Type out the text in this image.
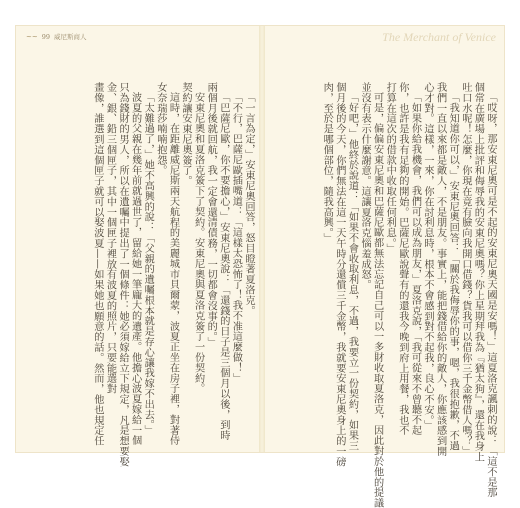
~~ 99 威尼斯商人	The Merchant of Venice
「哎呀，那安東尼奧可是不起的安東尼奧天國是安嗎！」這夏洛克諷刺的說：「這不是那
個常在廣場上批評和侮辱我的安東尼奧嗎？你上星期拜我為『猶太狗』，還在我身上
吐口水呢！怎麼，你現在竟有臉向我開口借錢？貨我可以借你三千金幣借人嗎？」
「我知道你可以，」安東尼奧回答：「關於我侮辱你的事，嗯，我很抱歉，不過
我們一直以來都是敵人，不是朋友。事實上，能把錢借給你的敵人，你應該感到開
心才對。這樣，一來，你在討利息時，根本不會感到對不起我，良心不安。」
「如果你給我機會，我們可以成為朋友，」夏洛克說，「我可從來不曾聽不起
你，也許是我有足夠的開始。巴薩尼歐說聲有的還我今晚到府上用餐，我也不
打算在這次的借款中收取任何利息。」
可是，偏偏安東尼奧和巴薩尼歐都無法忘記自己可以一多財收取夏洛克，因此對於他的提議
並沒有表示什麼謝意。這讓夏洛克惱羞成怒。
「好吧，」他終於說道：「如果不會收取利息，不過，我要立一份契約，如果三
個月後的今天，你們無法在這一天午時分還償三千金幣，我就要安東尼奧身上的一磅
肉，至於是哪個部位，隨我高興。」
「一言為定，」安東尼奧回答，怒目瞪著夏洛克。
「不行，巴薩尼歐插嘴道：「這樣太恐怖了！我不准這麼做！」
「巴薩尼歐，你不要擔心，」安東尼奧說：「還錢的日子是三個月以後，到時
兩個月後就回航，我一定會還清債務，一切都會沒事的。」
安東尼奧和夏洛克簽下了契約。安東尼奧與夏洛克簽了一份契約。
契約讓安東尼奧簽了。
這時，在距離威尼斯兩天航程的美麗城市貝爾蒙，波夏正坐在房子裡，對著侍
女奈瑞莎喃喃抱怨。
「太難過了，」她不高興的說：「父親的遺囑根本就是存心讓我嫁不出去。」
波夏的父親在幾年前就過世了，留給她一筆龐大的遺產。他擔心波夏嫁給一個
只為錢財的男人，所以在遺囑中提出了一個條件：她必須嫁給立下規定，凡是想要娶
金、銀、鉛三個匣子，其中一個匣子裡放有波夏的照片，只要能選對
畫像，誰選到這個匣子就可以娶波夏——如果她也願意的話。然而，他也規定任
